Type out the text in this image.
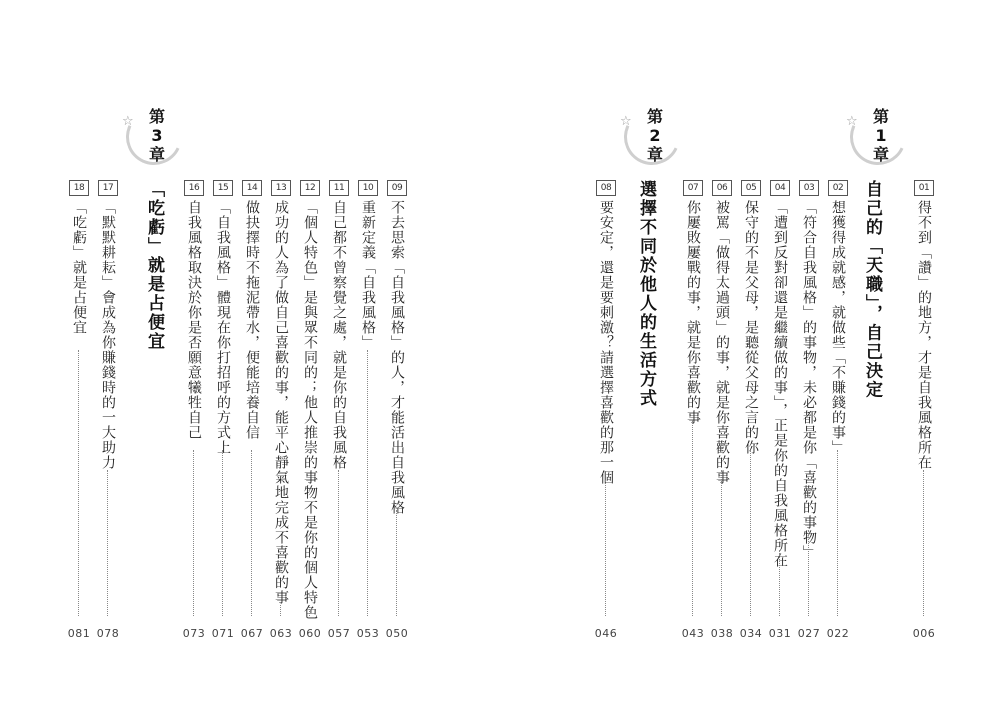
☆ 第
1
章
自己的「天職」，自己決定	01
得不到「讚」的地方，才是自我風格所在
006
02
想獲得成就感，就做些「不賺錢的事」
022
03
「符合自我風格」的事物，未必都是你「喜歡的事物」
027
04
「遭到反對卻還是繼續做的事」，正是你的自我風格所在
031
05
保守的不是父母，是聽從父母之言的你
034
06
被罵「做得太過頭」的事，就是你喜歡的事
038
07
你屢敗屢戰的事，就是你喜歡的事
043
☆ 第
2
章
選擇不同於他人的生活方式
08
要安定，還是要刺激？請選擇喜歡的那一個
046
☆ 第
3
章
「吃虧」就是占便宜	09
不去思索「自我風格」的人，才能活出自我風格
050
10
重新定義「自我風格」
053
11
自己都不曾察覺之處，就是你的自我風格
057
12
「個人特色」是與眾不同的；他人推崇的事物不是你的個人特色
060
13
成功的人為了做自己喜歡的事，能平心靜氣地完成不喜歡的事
063
14
做抉擇時不拖泥帶水，便能培養自信
067
15
「自我風格」體現在你打招呼的方式上
071
16
自我風格取決於你是否願意犧牲自己
073
17
「默默耕耘」會成為你賺錢時的一大助力
078
18
「吃虧」就是占便宜
081
